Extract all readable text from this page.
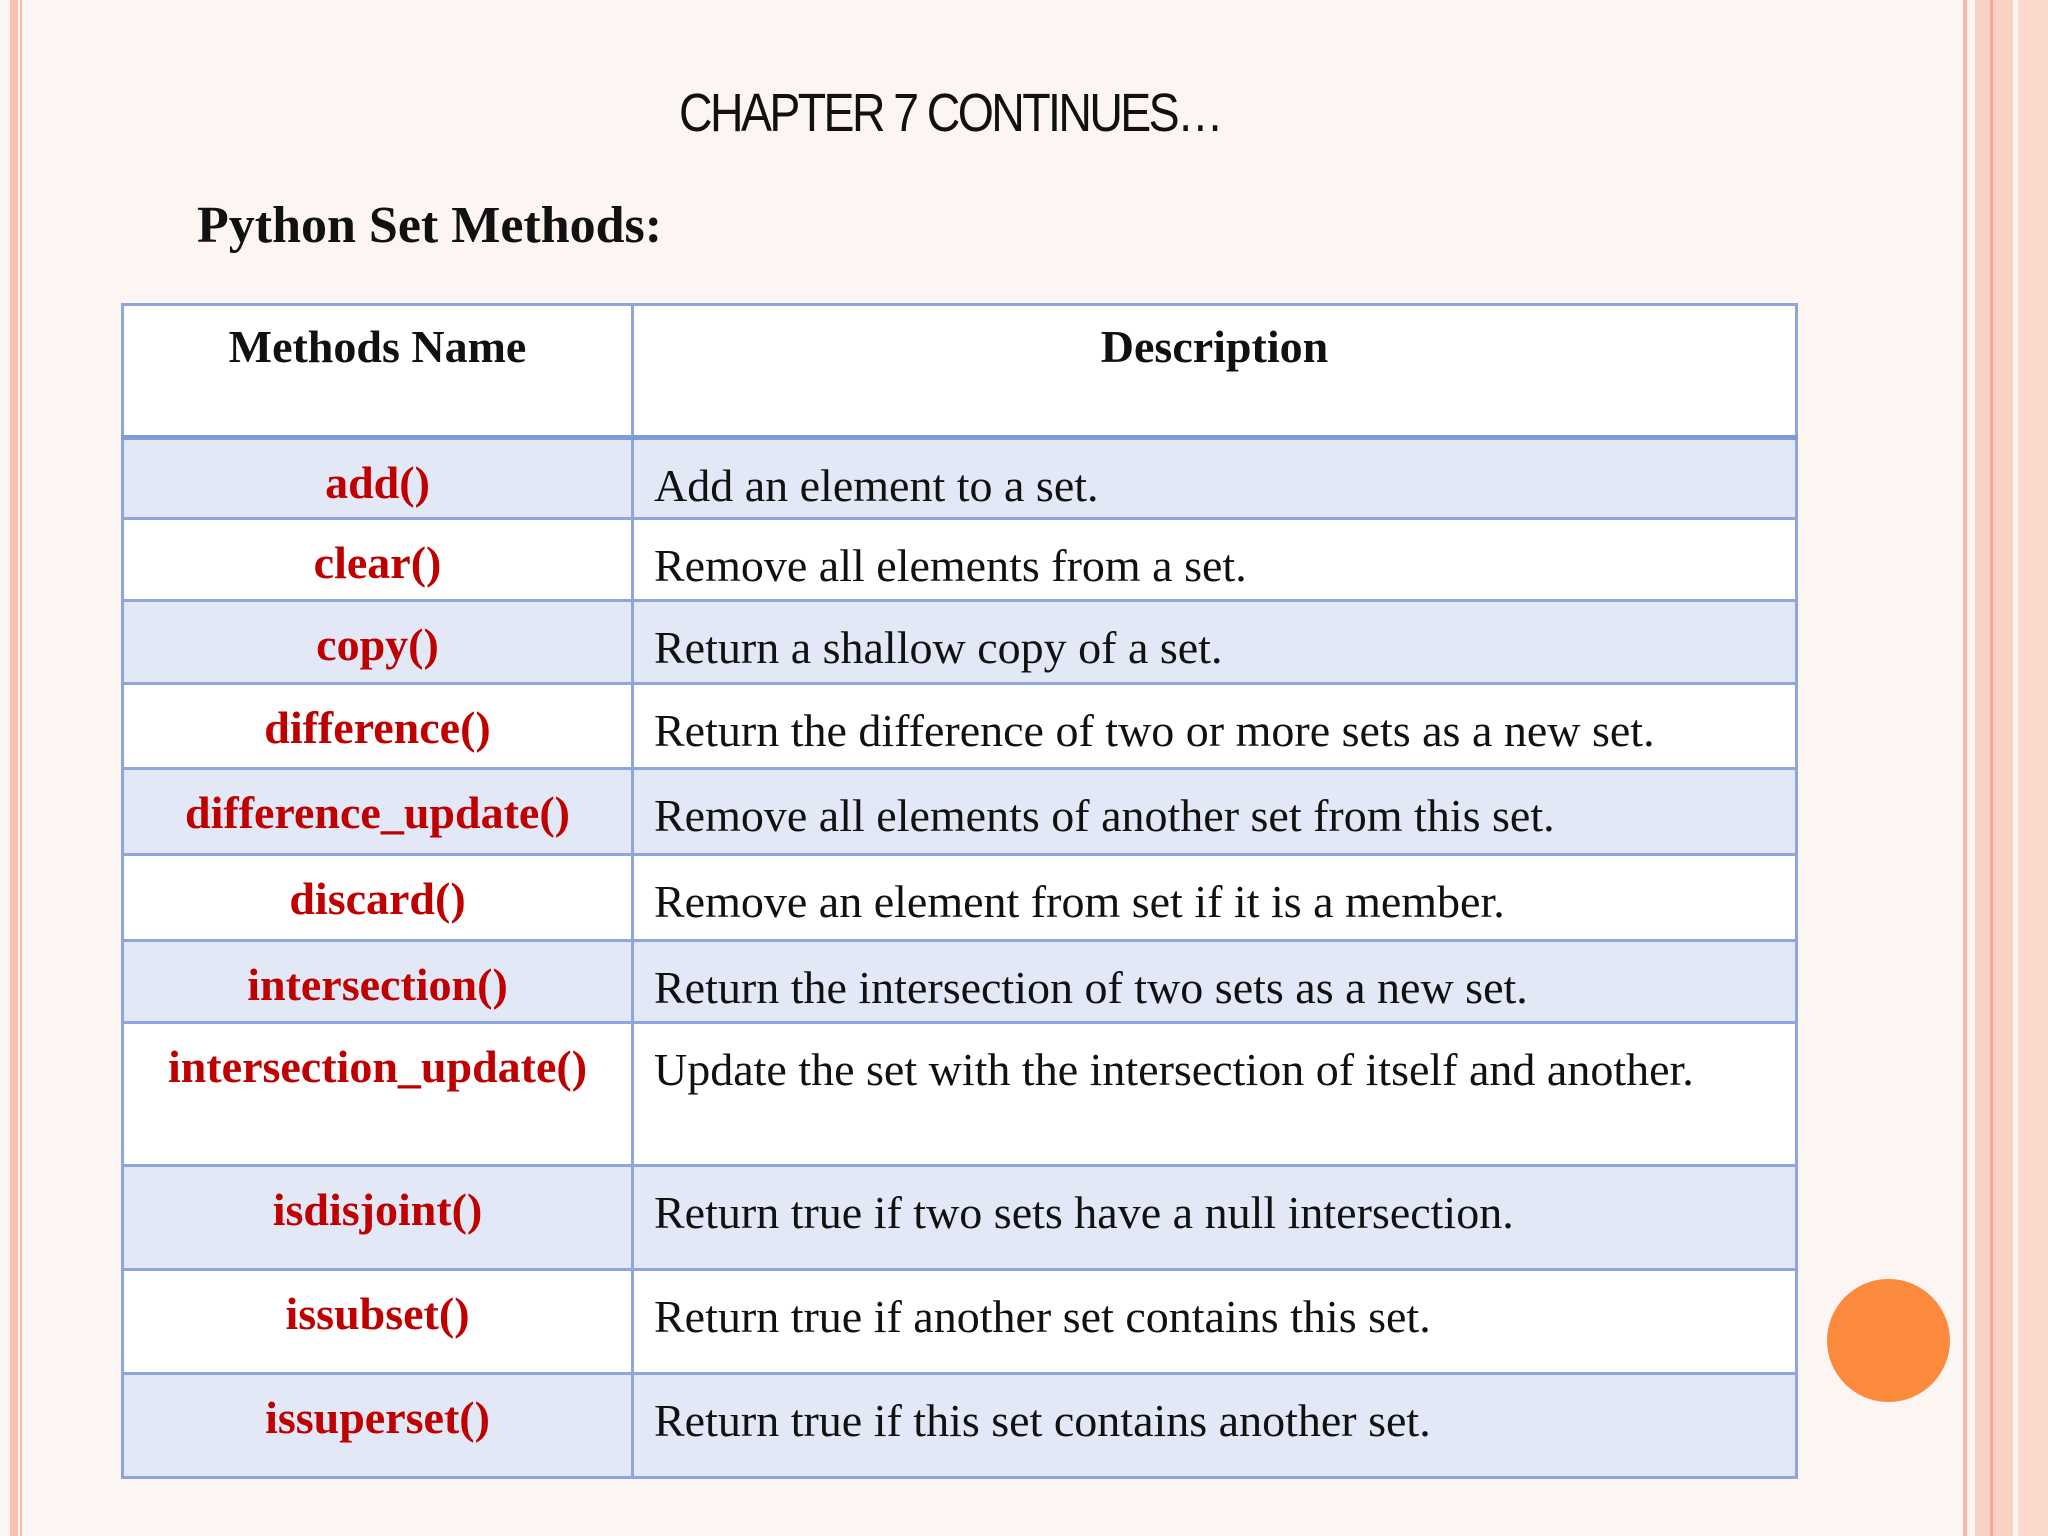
CHAPTER 7 CONTINUES…
Python Set Methods:
Methods Name	Description
add()	Add an element to a set.
clear()	Remove all elements from a set.
copy()	Return a shallow copy of a set.
difference()	Return the difference of two or more sets as a new set.
difference_update()	Remove all elements of another set from this set.
discard()	Remove an element from set if it is a member.
intersection()	Return the intersection of two sets as a new set.
intersection_update()	Update the set with the intersection of itself and another.
isdisjoint()	Return true if two sets have a null intersection.
issubset()	Return true if another set contains this set.
issuperset()	Return true if this set contains another set.
